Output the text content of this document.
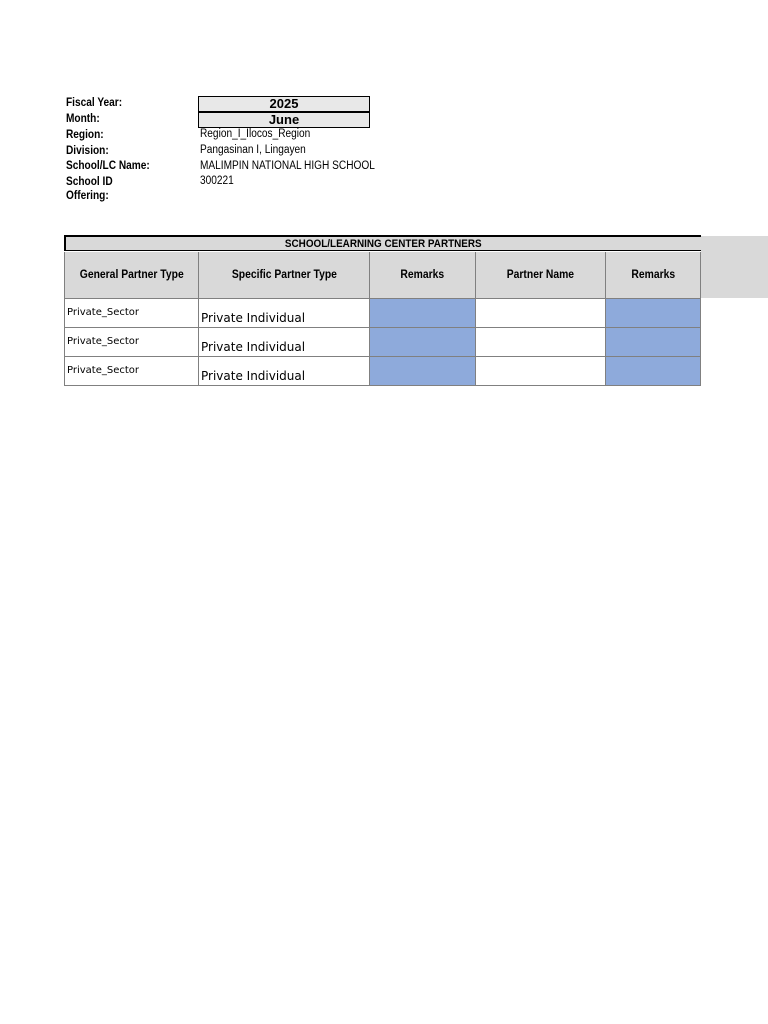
Fiscal Year:	2025
Month:	June
Region:	Region_I_Ilocos_Region
Division:	Pangasinan I, Lingayen
School/LC Name:	MALIMPIN NATIONAL HIGH SCHOOL
School ID	300221
Offering:
SCHOOL/LEARNING CENTER PARTNERS
General Partner Type	Specific Partner Type	Remarks	Partner Name	Remarks
Private_Sector	Private Individual
Private_Sector	Private Individual
Private_Sector	Private Individual
